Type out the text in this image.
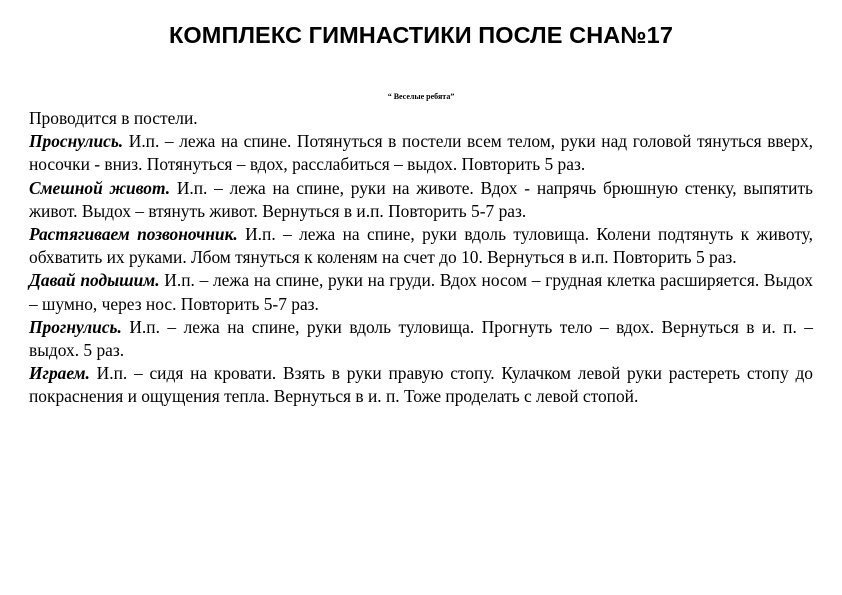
КОМПЛЕКС ГИМНАСТИКИ ПОСЛЕ СНА№17
“ Веселые ребята”

Проводится в постели.

Проснулись. И.п. – лежа на спине. Потянуться в постели всем телом, руки над головой тянуться вверх, носочки - вниз. Потянуться – вдох, расслабиться – выдох. Повторить 5 раз.

Смешной живот. И.п. – лежа на спине, руки на животе. Вдох - напрячь брюшную стенку, выпятить живот. Выдох – втянуть живот. Вернуться в и.п. Повторить 5-7 раз.

Растягиваем позвоночник. И.п. – лежа на спине, руки вдоль туловища. Колени подтянуть к животу, обхватить их руками. Лбом тянуться к коленям на счет до 10. Вернуться в и.п. Повторить 5 раз.

Давай подышим. И.п. – лежа на спине, руки на груди. Вдох носом – грудная клетка расширяется. Выдох – шумно, через нос. Повторить 5-7 раз.

Прогнулись. И.п. – лежа на спине, руки вдоль туловища. Прогнуть тело – вдох. Вернуться в и. п. – выдох. 5 раз.

Играем. И.п. – сидя на кровати. Взять в руки правую стопу. Кулачком левой руки растереть стопу до покраснения и ощущения тепла. Вернуться в и. п. Тоже проделать с левой стопой.
